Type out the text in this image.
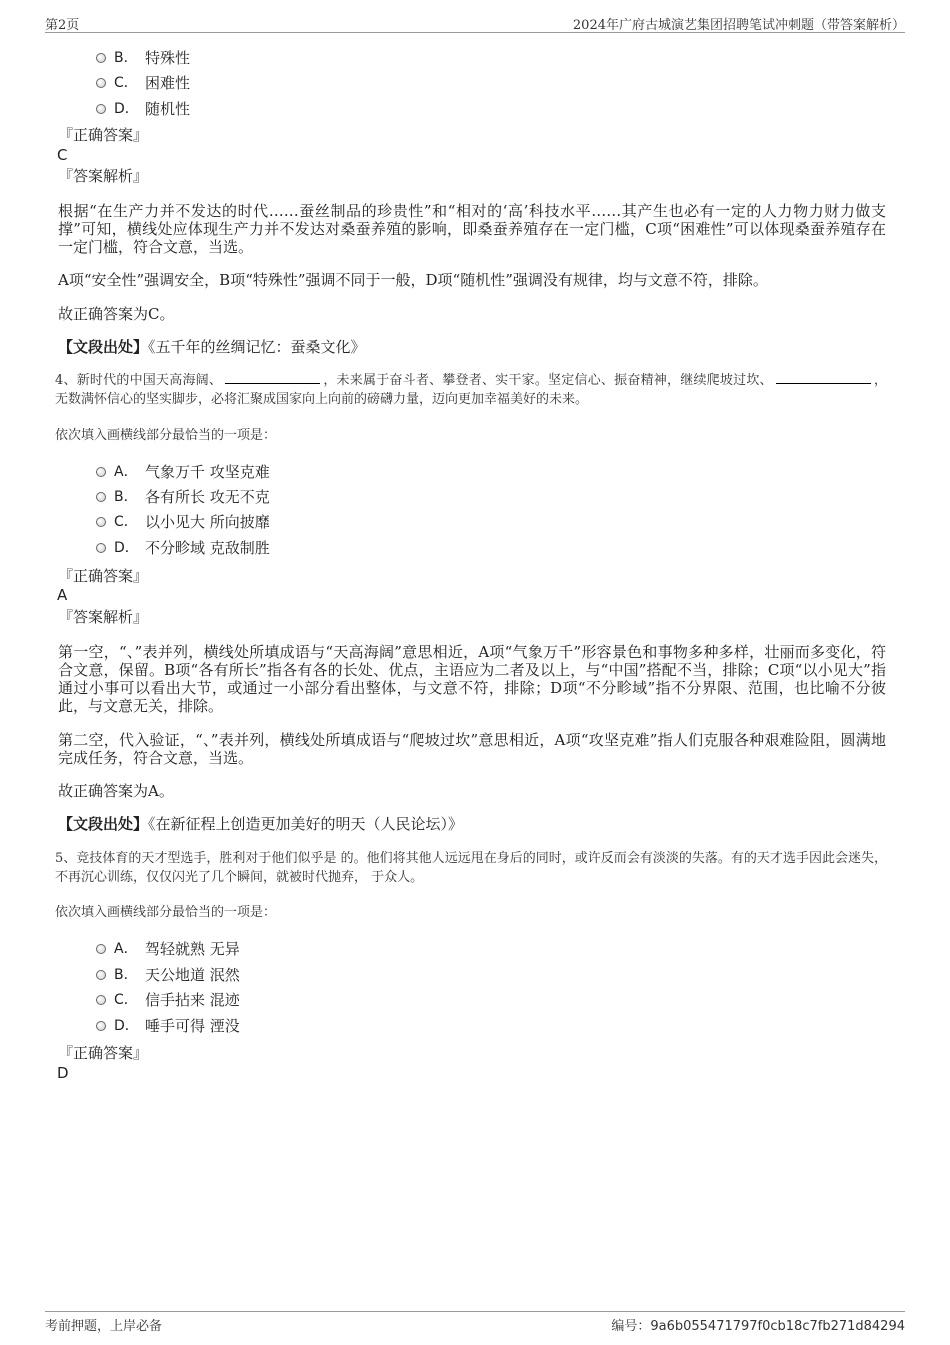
第2页	2024年广府古城演艺集团招聘笔试冲刺题（带答案解析）
B． 特殊性
C． 困难性
D． 随机性
『正确答案』
C
『答案解析』
根据“在生产力并不发达的时代……蚕丝制品的珍贵性”和“相对的‘高’科技水平……其产生也必有一定的人力物力财力做支撑”可知，横线处应体现生产力并不发达对桑蚕养殖的影响，即桑蚕养殖存在一定门槛，C项“困难性”可以体现桑蚕养殖存在一定门槛，符合文意，当选。
A项“安全性”强调安全，B项“特殊性”强调不同于一般，D项“随机性”强调没有规律，均与文意不符，排除。
故正确答案为C。
【文段出处】《五千年的丝绸记忆：蚕桑文化》
4、新时代的中国天高海阔、	，未来属于奋斗者、攀登者、实干家。坚定信心、振奋精神，继续爬坡过坎、	，无数满怀信心的坚实脚步，必将汇聚成国家向上向前的磅礴力量，迈向更加幸福美好的未来。
依次填入画横线部分最恰当的一项是：
A． 气象万千 攻坚克难
B． 各有所长 攻无不克
C． 以小见大 所向披靡
D． 不分畛域 克敌制胜
『正确答案』
A
『答案解析』
第一空，“、”表并列，横线处所填成语与“天高海阔”意思相近，A项“气象万千”形容景色和事物多种多样，壮丽而多变化，符合文意，保留。B项“各有所长”指各有各的长处、优点，主语应为二者及以上，与“中国”搭配不当，排除；C项“以小见大”指通过小事可以看出大节，或通过一小部分看出整体，与文意不符，排除；D项“不分畛域”指不分界限、范围，也比喻不分彼此，与文意无关，排除。
第二空，代入验证，“、”表并列，横线处所填成语与“爬坡过坎”意思相近，A项“攻坚克难”指人们克服各种艰难险阻，圆满地完成任务，符合文意，当选。
故正确答案为A。
【文段出处】《在新征程上创造更加美好的明天（人民论坛）》
5、竞技体育的天才型选手，胜利对于他们似乎是 的。他们将其他人远远甩在身后的同时，或许反而会有淡淡的失落。有的天才选手因此会迷失，不再沉心训练，仅仅闪光了几个瞬间，就被时代抛弃， 于众人。
依次填入画横线部分最恰当的一项是：
A． 驾轻就熟 无异
B． 天公地道 泯然
C． 信手拈来 混迹
D． 唾手可得 湮没
『正确答案』
D
考前押题，上岸必备	编号：9a6b055471797f0cb18c7fb271d84294
